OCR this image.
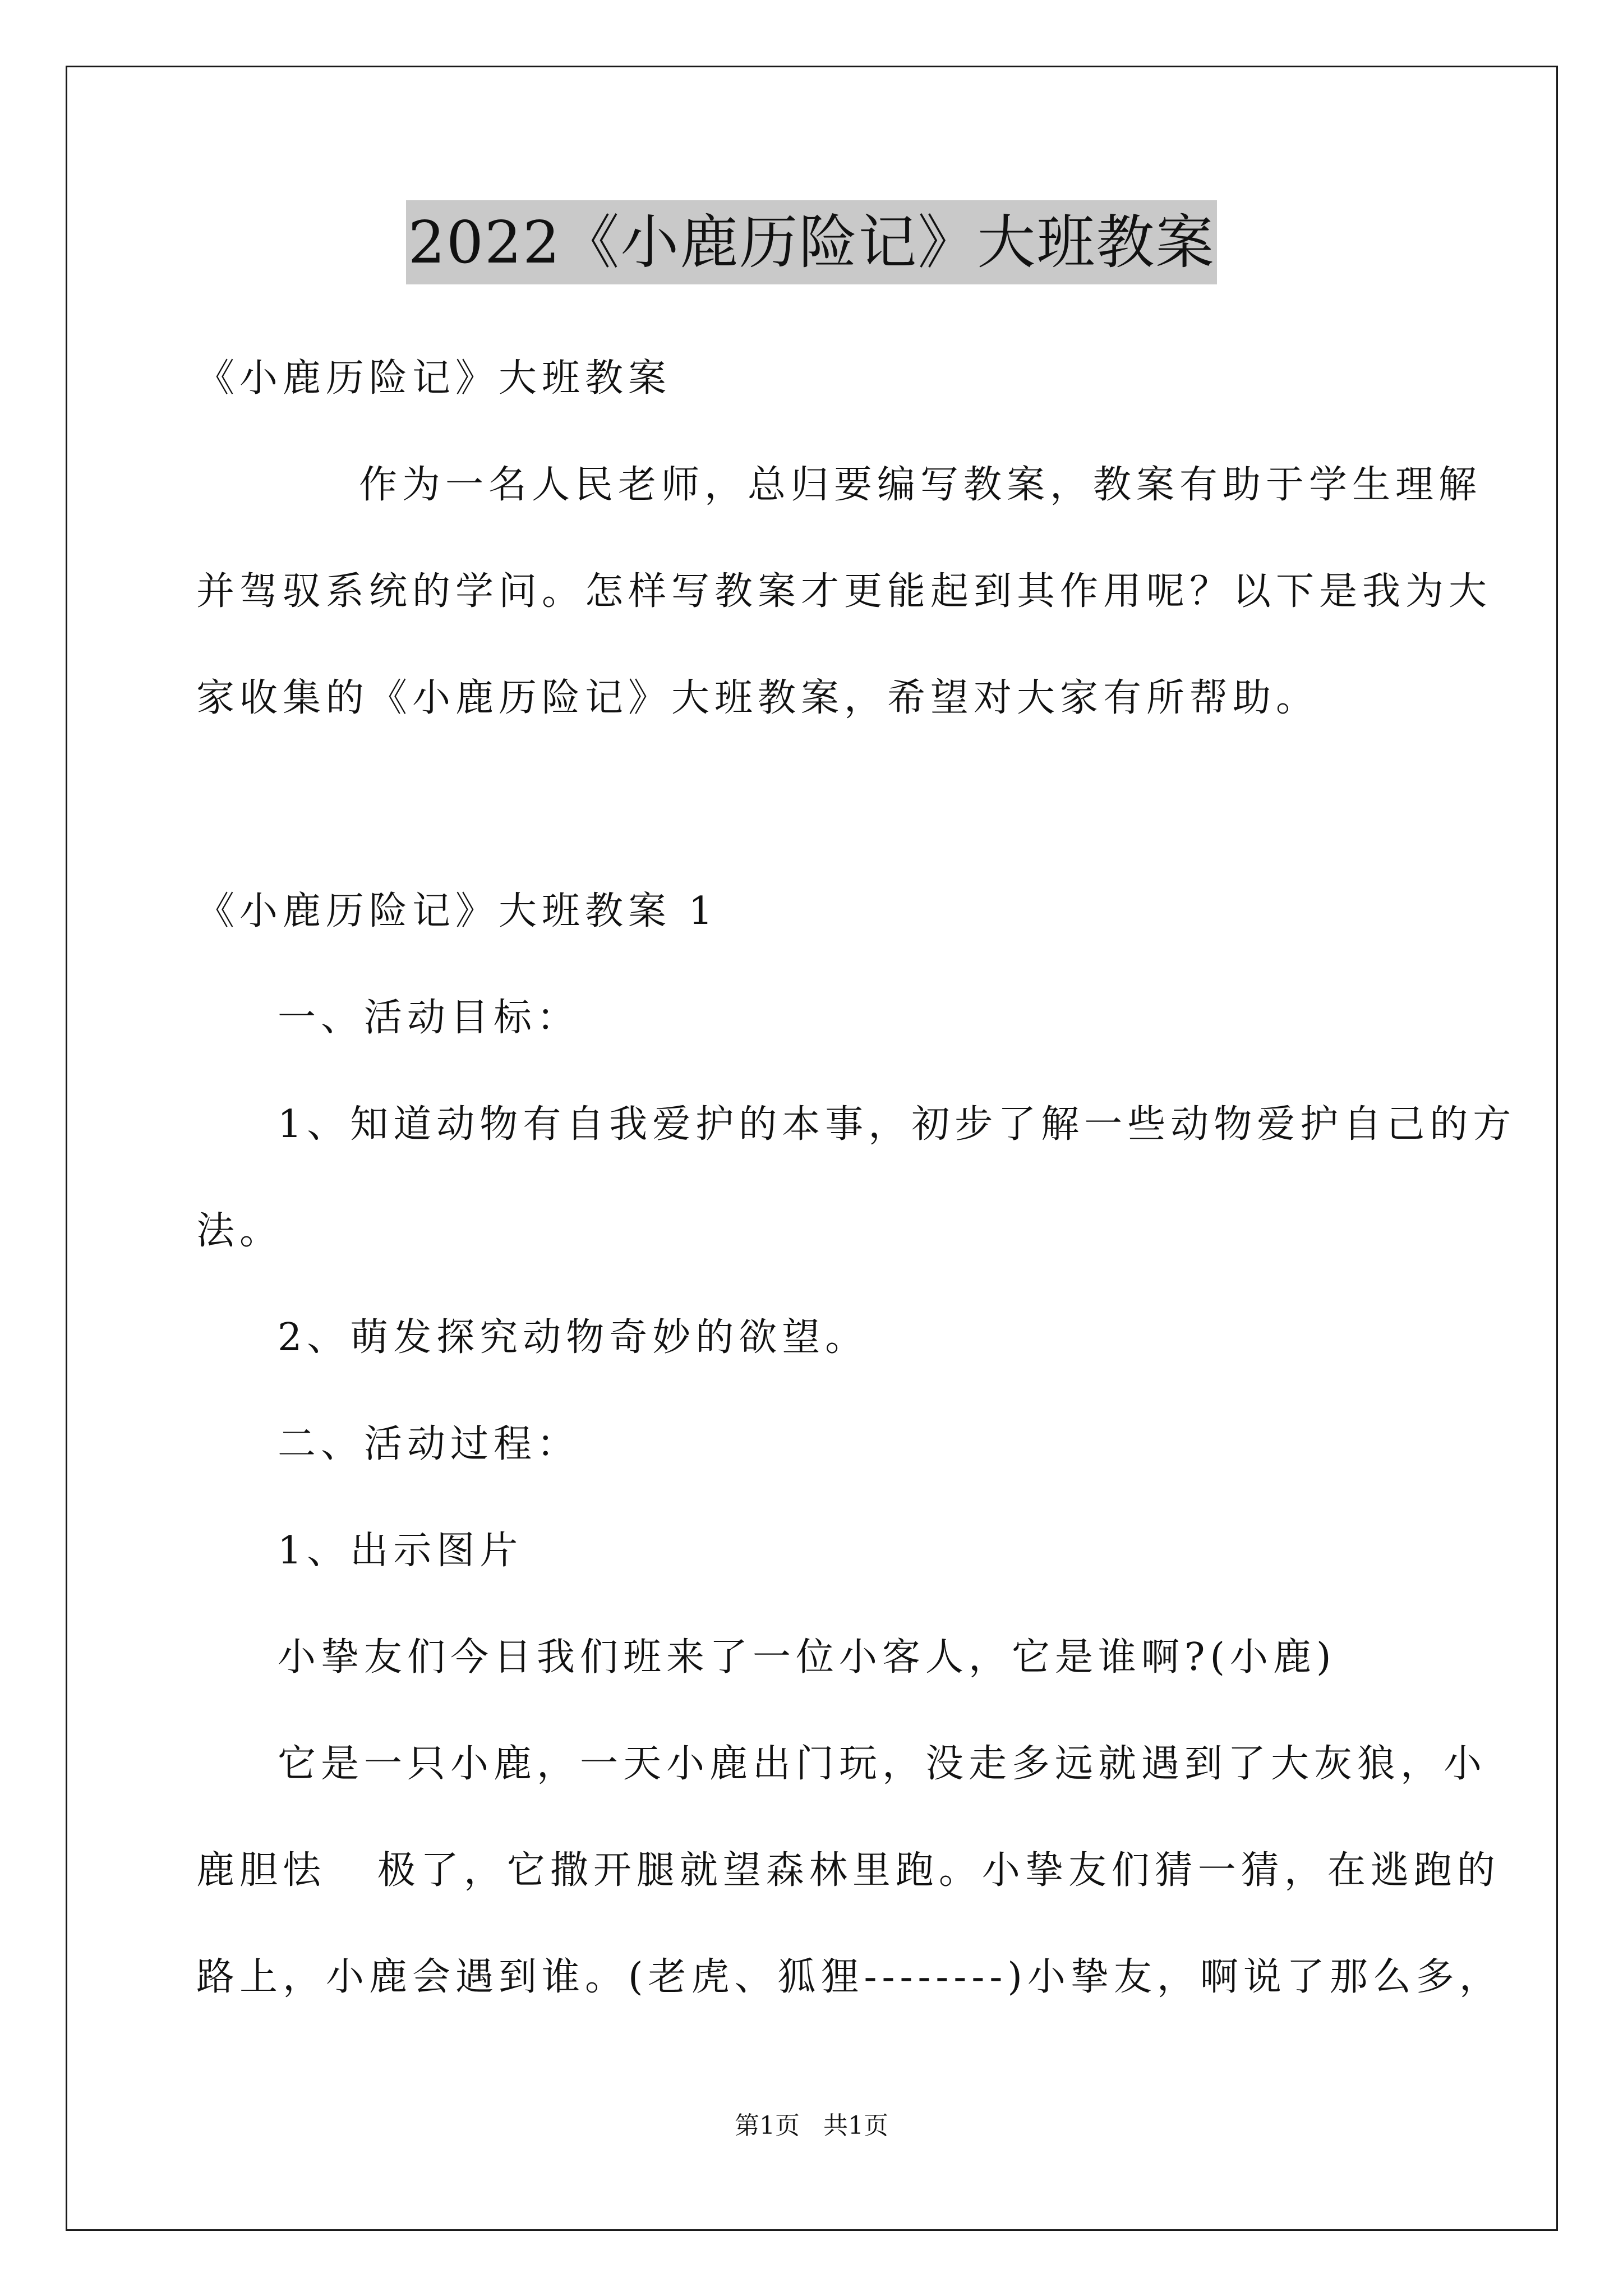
2022《小鹿历险记》大班教案
《小鹿历险记》大班教案
作为一名人民老师，总归要编写教案，教案有助于学生理解
并驾驭系统的学问。怎样写教案才更能起到其作用呢？以下是我为大
家收集的《小鹿历险记》大班教案，希望对大家有所帮助。
《小鹿历险记》大班教案 1
一、活动目标：
1、知道动物有自我爱护的本事，初步了解一些动物爱护自己的方
法。
2、萌发探究动物奇妙的欲望。
二、活动过程：
1、出示图片
小挚友们今日我们班来了一位小客人，它是谁啊?(小鹿)
它是一只小鹿，一天小鹿出门玩，没走多远就遇到了大灰狼，小
鹿胆怯   极了，它撒开腿就望森林里跑。小挚友们猜一猜，在逃跑的
路上，小鹿会遇到谁。(老虎、狐狸--------)小挚友，啊说了那么多，
第1页   共1页
